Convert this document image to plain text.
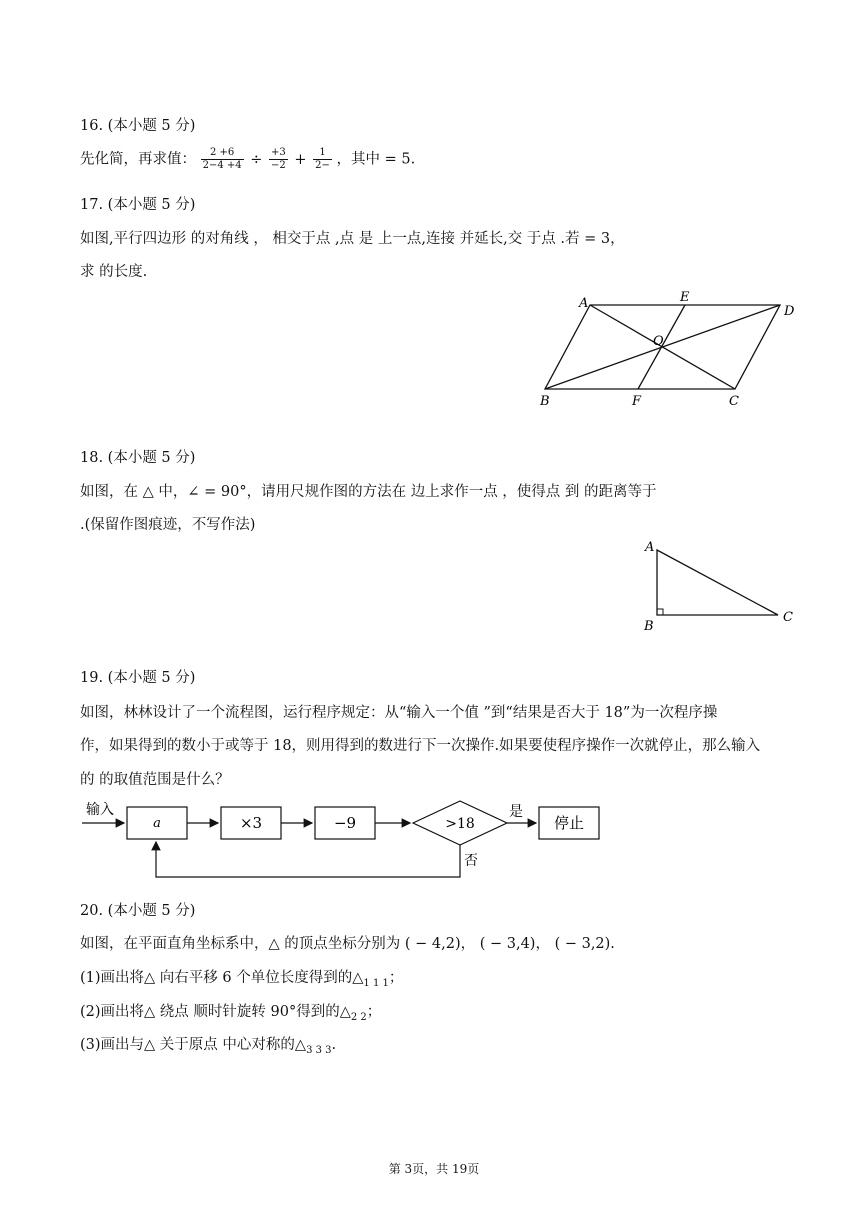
16. (本小题 5 分)
先化简，再求值： $\frac{2 +6}{2-4 +4} \div \frac{+3}{-2} + \frac{1}{2-}$ ，其中 = 5.
17. (本小题 5 分)
如图,平行四边形 的对角线 ， 相交于点 ,点 是 上一点,连接 并延长,交 于点 .若 = 3，
求 的长度.
A	E
D
O
B	F	C
18. (本小题 5 分)
如图，在 △ 中，∠ = 90°，请用尺规作图的方法在 边上求作一点 ，使得点 到 的距离等于
.(保留作图痕迹，不写作法)
A
B
C
19. (本小题 5 分)
如图，林林设计了一个流程图，运行程序规定：从“输入一个值 ”到“结果是否大于 18”为一次程序操
作，如果得到的数小于或等于 18，则用得到的数进行下一次操作.如果要使程序操作一次就停止，那么输入
的 的取值范围是什么？
输入
a	×3	−9	>18
是
停止
否
20. (本小题 5 分)
如图，在平面直角坐标系中，△ 的顶点坐标分别为 ( − 4,2)， ( − 3,4)， ( − 3,2).
(1)画出将△ 向右平移 6 个单位长度得到的$\triangle_{1 1 1}$；
(2)画出将△ 绕点 顺时针旋转 90°得到的$\triangle_{2 2}$；
(3)画出与△ 关于原点 中心对称的$\triangle_{3 3 3}$.
第 3页，共 19页
